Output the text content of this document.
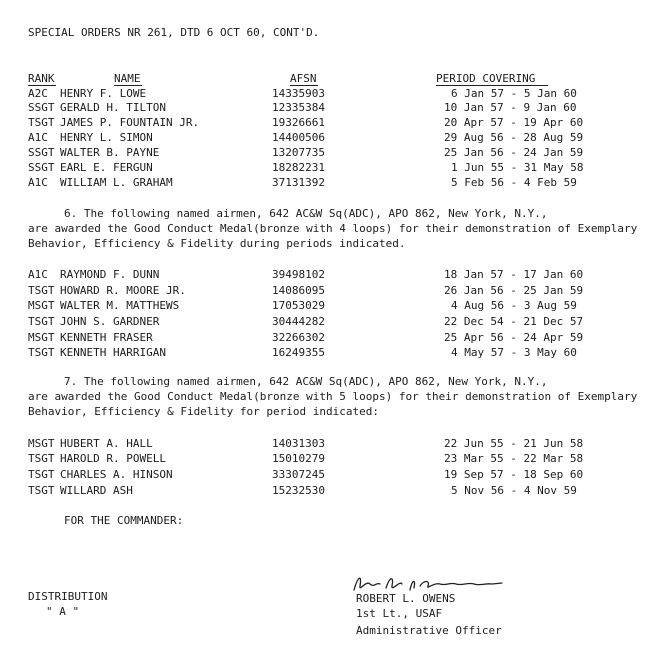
SPECIAL ORDERS NR 261, DTD 6 OCT 60, CONT'D.
RANK	NAME	AFSN	PERIOD COVERING
A2C HENRY F. LOWE	14335903	6 Jan 57 - 5 Jan 60
SSGT GERALD H. TILTON	12335384	10 Jan 57 - 9 Jan 60
TSGT JAMES P. FOUNTAIN JR.	19326661	20 Apr 57 - 19 Apr 60
A1C HENRY L. SIMON	14400506	29 Aug 56 - 28 Aug 59
SSGT WALTER B. PAYNE	13207735	25 Jan 56 - 24 Jan 59
SSGT EARL E. FERGUN	18282231	1 Jun 55 - 31 May 58
A1C WILLIAM L. GRAHAM	37131392	5 Feb 56 - 4 Feb 59
6. The following named airmen, 642 AC&W Sq(ADC), APO 862, New York, N.Y.,
are awarded the Good Conduct Medal(bronze with 4 loops) for their demonstration of Exemplary Behavior, Efficiency & Fidelity during periods indicated.
A1C RAYMOND F. DUNN	39498102	18 Jan 57 - 17 Jan 60
TSGT HOWARD R. MOORE JR.	14086095	26 Jan 56 - 25 Jan 59
MSGT WALTER M. MATTHEWS	17053029	4 Aug 56 - 3 Aug 59
TSGT JOHN S. GARDNER	30444282	22 Dec 54 - 21 Dec 57
MSGT KENNETH FRASER	32266302	25 Apr 56 - 24 Apr 59
TSGT KENNETH HARRIGAN	16249355	4 May 57 - 3 May 60
7. The following named airmen, 642 AC&W Sq(ADC), APO 862, New York, N.Y.,
are awarded the Good Conduct Medal(bronze with 5 loops) for their demonstration of Exemplary Behavior, Efficiency & Fidelity for period indicated:
MSGT HUBERT A. HALL	14031303	22 Jun 55 - 21 Jun 58
TSGT HAROLD R. POWELL	15010279	23 Mar 55 - 22 Mar 58
TSGT CHARLES A. HINSON	33307245	19 Sep 57 - 18 Sep 60
TSGT WILLARD ASH	15232530	5 Nov 56 - 4 Nov 59
FOR THE COMMANDER:
DISTRIBUTION
" A "
ROBERT L. OWENS
1st Lt., USAF
Administrative Officer
